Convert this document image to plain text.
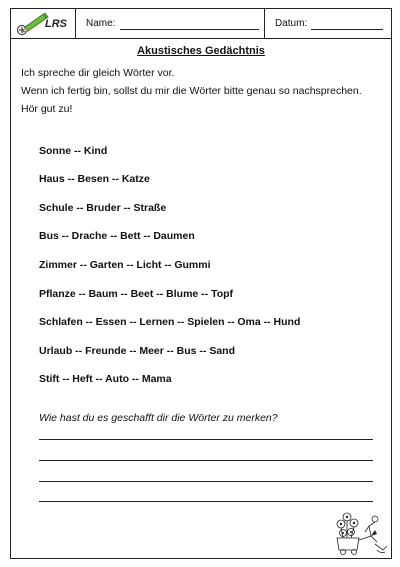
LRS Name:	Datum:
Akustisches Gedächtnis
Ich spreche dir gleich Wörter vor.
Wenn ich fertig bin, sollst du mir die Wörter bitte genau so nachsprechen.
Hör gut zu!
Sonne -- Kind
Haus -- Besen -- Katze
Schule -- Bruder -- Straße
Bus -- Drache -- Bett -- Daumen
Zimmer -- Garten -- Licht -- Gummi
Pflanze -- Baum -- Beet -- Blume -- Topf
Schlafen -- Essen -- Lernen -- Spielen -- Oma -- Hund
Urlaub -- Freunde -- Meer -- Bus -- Sand
Stift -- Heft -- Auto -- Mama
Wie hast du es geschafft dir die Wörter zu merken?
